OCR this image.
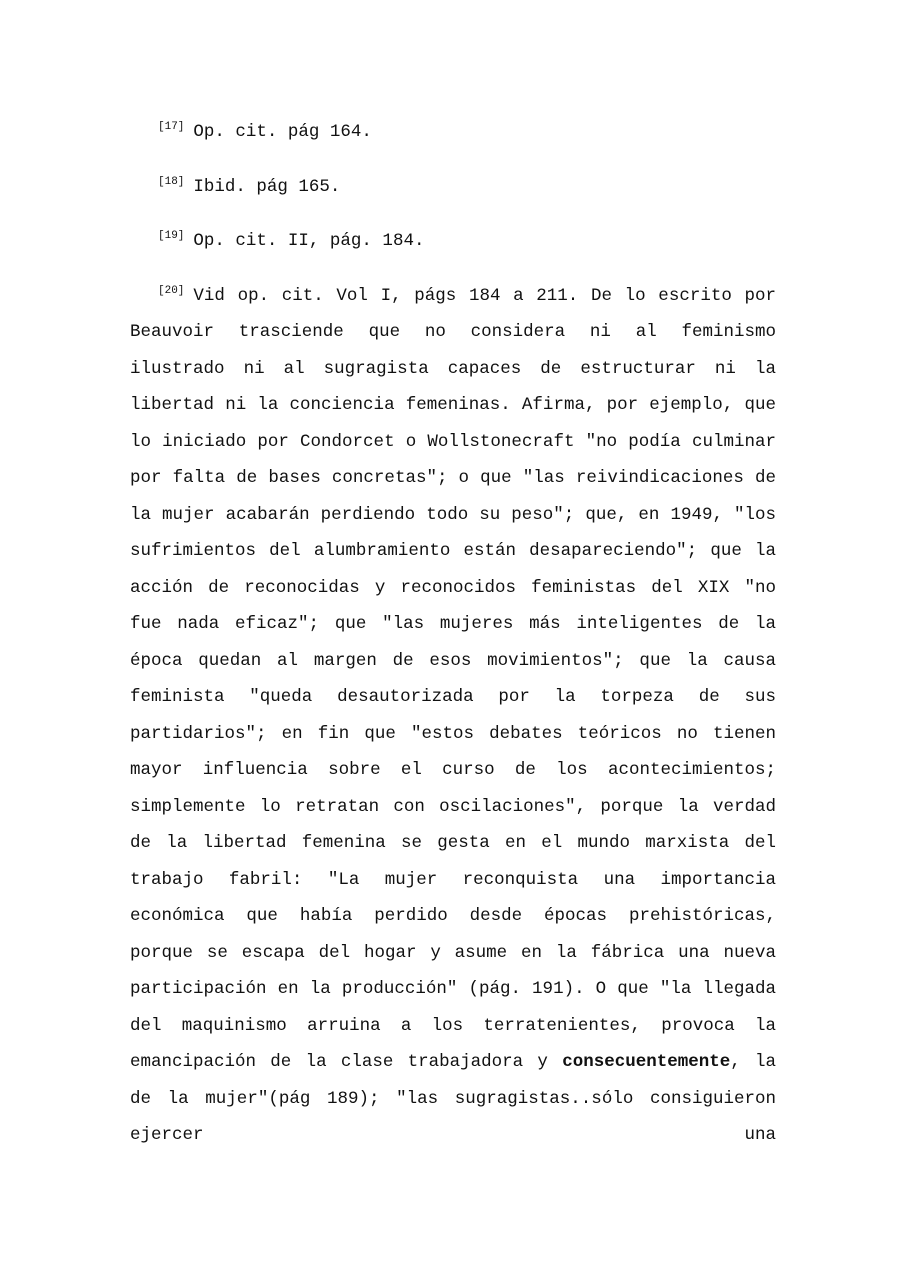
[17] Op. cit. pág 164.

[18] Ibid. pág 165.

[19] Op. cit. II, pág. 184.

[20] Vid op. cit. Vol I, págs 184 a 211. De lo escrito por Beauvoir trasciende que no considera ni al feminismo ilustrado ni al sugragista capaces de estructurar ni la libertad ni la conciencia femeninas. Afirma, por ejemplo, que lo iniciado por Condorcet o Wollstonecraft "no podía culminar por falta de bases concretas"; o que "las reivindicaciones de la mujer acabarán perdiendo todo su peso"; que, en 1949, "los sufrimientos del alumbramiento están desapareciendo"; que la acción de reconocidas y reconocidos feministas del XIX "no fue nada eficaz"; que "las mujeres más inteligentes de la época quedan al margen de esos movimientos"; que la causa feminista "queda desautorizada por la torpeza de sus partidarios"; en fin que "estos debates teóricos no tienen mayor influencia sobre el curso de los acontecimientos; simplemente lo retratan con oscilaciones", porque la verdad de la libertad femenina se gesta en el mundo marxista del trabajo fabril: "La mujer reconquista una importancia económica que había perdido desde épocas prehistóricas, porque se escapa del hogar y asume en la fábrica una nueva participación en la producción" (pág. 191). O que "la llegada del maquinismo arruina a los terratenientes, provoca la emancipación de la clase trabajadora y consecuentemente, la de la mujer"(pág 189); "las sugragistas..sólo consiguieron ejercer una
